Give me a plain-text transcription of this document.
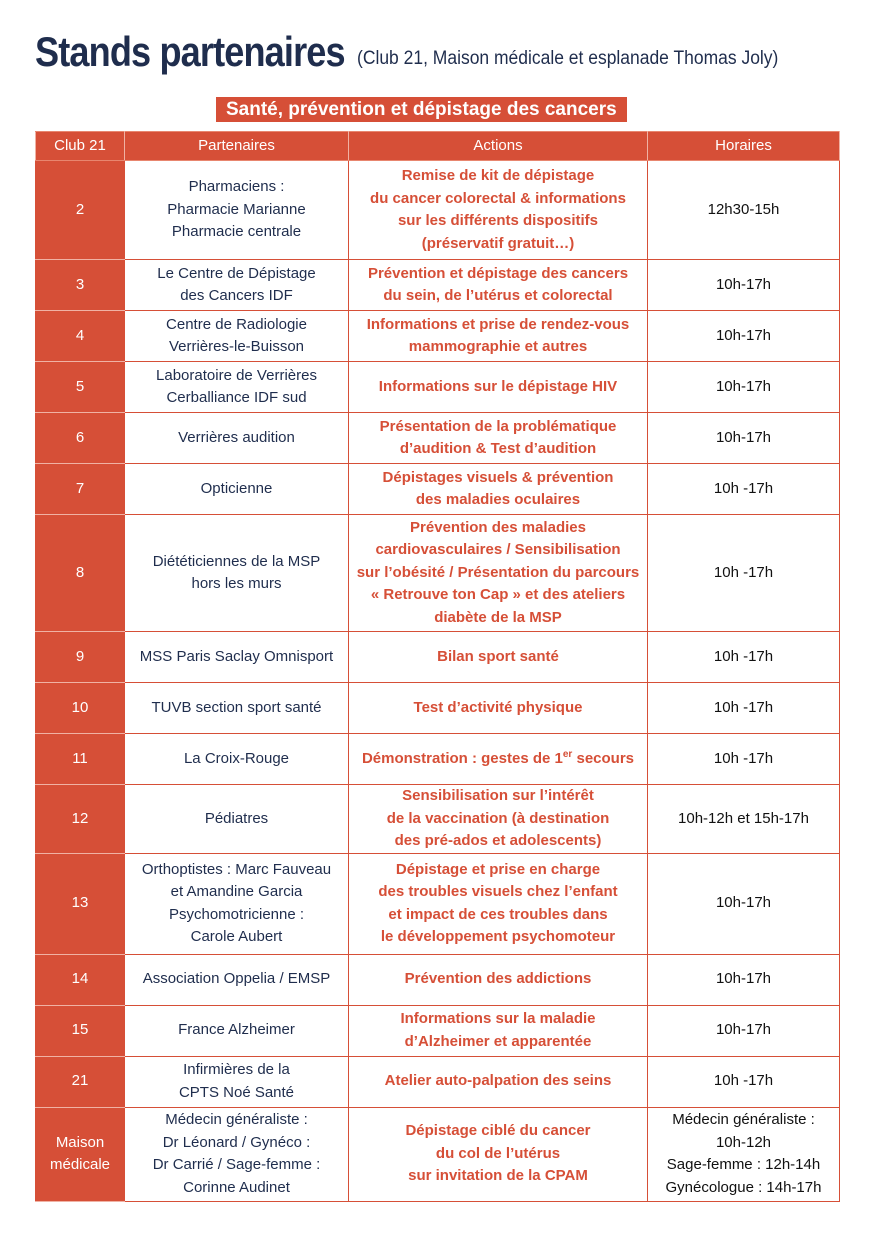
Stands partenaires (Club 21, Maison médicale et esplanade Thomas Joly)
Santé, prévention et dépistage des cancers
Club 21	Partenaires	Actions	Horaires
2	Pharmaciens :
Pharmacie Marianne
Pharmacie centrale	Remise de kit de dépistage
du cancer colorectal & informations
sur les différents dispositifs
(préservatif gratuit…)	12h30-15h

3	Le Centre de Dépistage
des Cancers IDF	Prévention et dépistage des cancers
du sein, de l’utérus et colorectal	10h-17h

4	Centre de Radiologie
Verrières-le-Buisson	Informations et prise de rendez-vous
mammographie et autres	10h-17h

5	Laboratoire de Verrières
Cerballiance IDF sud	Informations sur le dépistage HIV	10h-17h

6	Verrières audition	Présentation de la problématique
d’audition & Test d’audition	10h-17h

7	Opticienne	Dépistages visuels & prévention
des maladies oculaires	10h -17h

8	Diététiciennes de la MSP
hors les murs	Prévention des maladies
cardiovasculaires / Sensibilisation
sur l’obésité / Présentation du parcours
« Retrouve ton Cap » et des ateliers
diabète de la MSP	10h -17h

9	MSS Paris Saclay Omnisport	Bilan sport santé	10h -17h

10	TUVB section sport santé	Test d’activité physique	10h -17h

11	La Croix-Rouge	Démonstration : gestes de 1er secours	10h -17h

12	Pédiatres	Sensibilisation sur l’intérêt
de la vaccination (à destination
des pré-ados et adolescents)	10h-12h et 15h-17h

13	Orthoptistes : Marc Fauveau
et Amandine Garcia
Psychomotricienne :
Carole Aubert	Dépistage et prise en charge
des troubles visuels chez l’enfant
et impact de ces troubles dans
le développement psychomoteur	10h-17h

14	Association Oppelia / EMSP	Prévention des addictions	10h-17h

15	France Alzheimer	Informations sur la maladie
d’Alzheimer et apparentée	10h-17h

21	Infirmières de la
CPTS Noé Santé	Atelier auto-palpation des seins	10h -17h

Maison
médicale	Médecin généraliste :
Dr Léonard / Gynéco :
Dr Carrié / Sage-femme :
Corinne Audinet	Dépistage ciblé du cancer
du col de l’utérus
sur invitation de la CPAM	Médecin généraliste :
10h-12h
Sage-femme : 12h-14h
Gynécologue : 14h-17h
